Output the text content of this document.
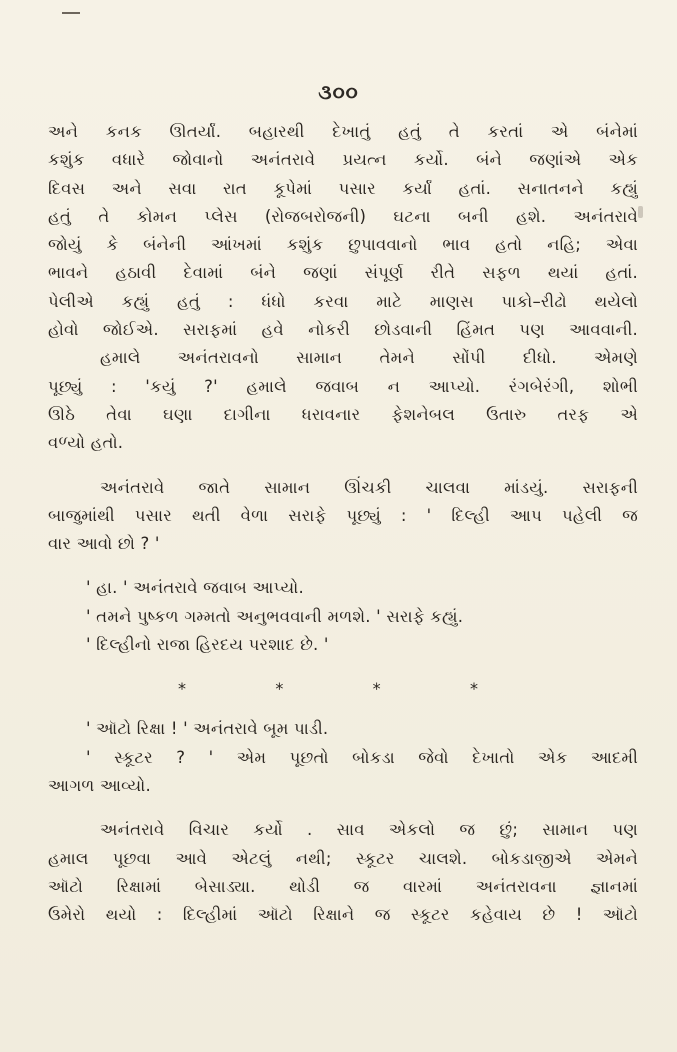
૩૦૦

અને કનક ઊતર્યાં. બહારથી દેખાતું હતું તે કરતાં એ બંનેમાં

કશુંક વધારે જોવાનો અનંતરાવે પ્રયત્ન કર્યો. બંને જણાંએ એક

દિવસ અને સવા રાત કૂપેમાં પસાર કર્યાં હતાં. સનાતનને કહ્યું

હતું તે કોમન પ્લેસ (રોજબરોજની) ઘટના બની હશે. અનંતરાવે

જોયું કે બંનેની આંખમાં કશુંક છુપાવવાનો ભાવ હતો નહિ; એવા

ભાવને હઠાવી દેવામાં બંને જણાં સંપૂર્ણ રીતે સફળ થયાં હતાં.

પેલીએ કહ્યું હતું : ધંધો કરવા માટે માણસ પાકો–રીઢો થયેલો

હોવો જોઈએ. સરાફમાં હવે નોકરી છોડવાની હિંમત પણ આવવાની.

હમાલે અનંતરાવનો સામાન તેમને સોંપી દીધો. એમણે

પૂછ્યું : 'કયું ?' હમાલે જવાબ ન આપ્યો. રંગબેરંગી, શોભી

ઊઠે તેવા ઘણા દાગીના ધરાવનાર ફેશનેબલ ઉતારુ તરફ એ

વળ્યો હતો.

અનંતરાવે જાતે સામાન ઊંચકી ચાલવા માંડયું. સરાફની

બાજુમાંથી પસાર થતી વેળા સરાફે પૂછ્યું : ' દિલ્હી આપ પહેલી જ

વાર આવો છો ? '

' હા. ' અનંતરાવે જવાબ આપ્યો.

' તમને પુષ્કળ ગમ્મતો અનુભવવાની મળશે. ' સરાફે કહ્યું.

' દિલ્હીનો રાજા હિરદય પરશાદ છે. '

*	*	*	*

' ઑટો રિક્ષા ! ' અનંતરાવે બૂમ પાડી.

' સ્કૂટર ? ' એમ પૂછતો બોકડા જેવો દેખાતો એક આદમી

આગળ આવ્યો.

અનંતરાવે વિચાર કર્યો . સાવ એકલો જ છું; સામાન પણ

હમાલ પૂછવા આવે એટલું નથી; સ્કૂટર ચાલશે. બોકડાજીએ એમને

ઑટો રિક્ષામાં બેસાડ્યા. થોડી જ વારમાં અનંતરાવના જ્ઞાનમાં

ઉમેરો થયો : દિલ્હીમાં ઑટો રિક્ષાને જ સ્કૂટર કહેવાય છે ! ઑટો
